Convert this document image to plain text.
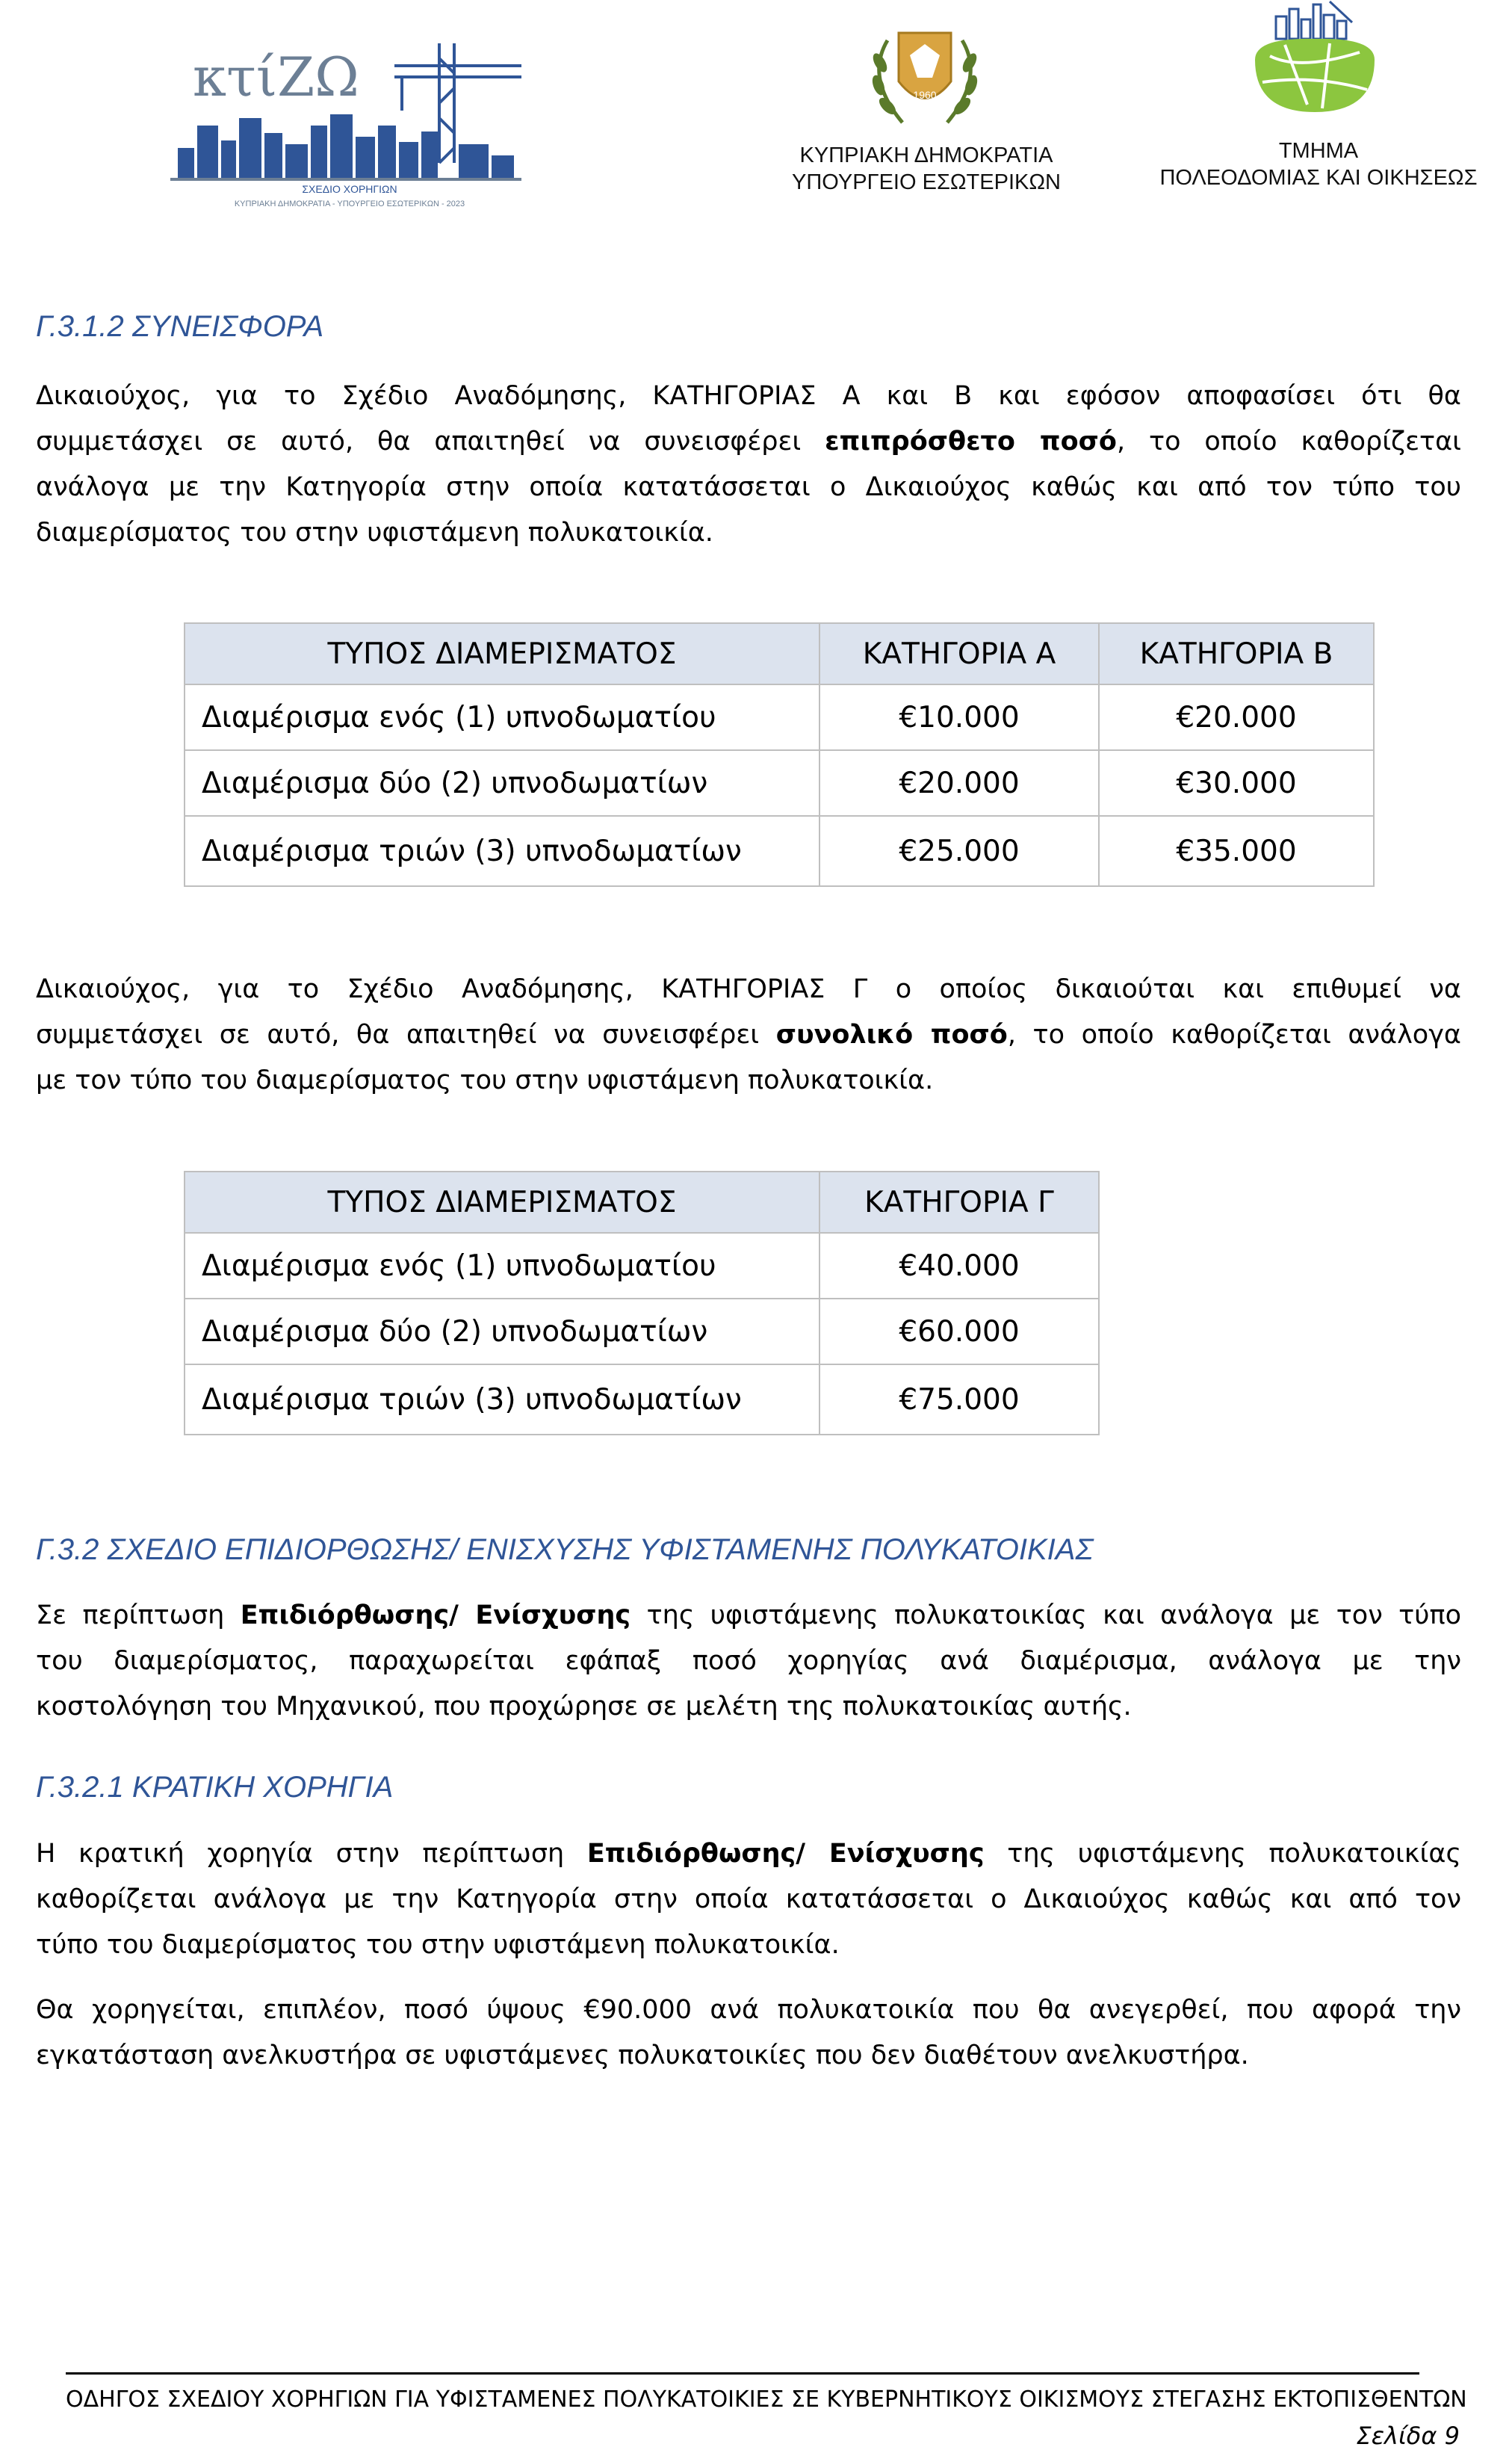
κτίΖΩ
ΣΧΕΔΙΟ ΧΟΡΗΓΙΩΝ
ΚΥΠΡΙΑΚΗ ΔΗΜΟΚΡΑΤΙΑ - ΥΠΟΥΡΓΕΙΟ ΕΣΩΤΕΡΙΚΩΝ - 2023
1960
ΚΥΠΡΙΑΚΗ ΔΗΜΟΚΡΑΤΙΑ
ΥΠΟΥΡΓΕΙΟ ΕΣΩΤΕΡΙΚΩΝ
ΤΜΗΜΑ
ΠΟΛΕΟΔΟΜΙΑΣ ΚΑΙ ΟΙΚΗΣΕΩΣ
Γ.3.1.2 ΣΥΝΕΙΣΦΟΡΑ
Δικαιούχος, για το Σχέδιο Αναδόμησης, ΚΑΤΗΓΟΡΙΑΣ Α και Β και εφόσον αποφασίσει ότι θα
συμμετάσχει σε αυτό, θα απαιτηθεί να συνεισφέρει επιπρόσθετο ποσό, το οποίο καθορίζεται
ανάλογα με την Κατηγορία στην οποία κατατάσσεται ο Δικαιούχος καθώς και από τον τύπο του
διαμερίσματος του στην υφιστάμενη πολυκατοικία.
ΤΥΠΟΣ ΔΙΑΜΕΡΙΣΜΑΤΟΣ	ΚΑΤΗΓΟΡΙΑ Α	ΚΑΤΗΓΟΡΙΑ Β
Διαμέρισμα ενός (1) υπνοδωματίου	€10.000	€20.000
Διαμέρισμα δύο (2) υπνοδωματίων	€20.000	€30.000
Διαμέρισμα τριών (3) υπνοδωματίων	€25.000	€35.000
Δικαιούχος, για το Σχέδιο Αναδόμησης, ΚΑΤΗΓΟΡΙΑΣ Γ ο οποίος δικαιούται και επιθυμεί να
συμμετάσχει σε αυτό, θα απαιτηθεί να συνεισφέρει συνολικό ποσό, το οποίο καθορίζεται ανάλογα
με τον τύπο του διαμερίσματος του στην υφιστάμενη πολυκατοικία.
ΤΥΠΟΣ ΔΙΑΜΕΡΙΣΜΑΤΟΣ	ΚΑΤΗΓΟΡΙΑ Γ
Διαμέρισμα ενός (1) υπνοδωματίου	€40.000
Διαμέρισμα δύο (2) υπνοδωματίων	€60.000
Διαμέρισμα τριών (3) υπνοδωματίων	€75.000
Γ.3.2 ΣΧΕΔΙΟ ΕΠΙΔΙΟΡΘΩΣΗΣ/ ΕΝΙΣΧΥΣΗΣ ΥΦΙΣΤΑΜΕΝΗΣ ΠΟΛΥΚΑΤΟΙΚΙΑΣ
Σε περίπτωση Επιδιόρθωσης/ Ενίσχυσης της υφιστάμενης πολυκατοικίας και ανάλογα με τον τύπο
του διαμερίσματος, παραχωρείται εφάπαξ ποσό χορηγίας ανά διαμέρισμα, ανάλογα με την
κοστολόγηση του Μηχανικού, που προχώρησε σε μελέτη της πολυκατοικίας αυτής.
Γ.3.2.1 ΚΡΑΤΙΚΗ ΧΟΡΗΓΙΑ
Η κρατική χορηγία στην περίπτωση Επιδιόρθωσης/ Ενίσχυσης της υφιστάμενης πολυκατοικίας
καθορίζεται ανάλογα με την Κατηγορία στην οποία κατατάσσεται ο Δικαιούχος καθώς και από τον
τύπο του διαμερίσματος του στην υφιστάμενη πολυκατοικία.
Θα χορηγείται, επιπλέον, ποσό ύψους €90.000 ανά πολυκατοικία που θα ανεγερθεί, που αφορά την
εγκατάσταση ανελκυστήρα σε υφιστάμενες πολυκατοικίες που δεν διαθέτουν ανελκυστήρα.
ΟΔΗΓΟΣ ΣΧΕΔΙΟΥ ΧΟΡΗΓΙΩΝ ΓΙΑ ΥΦΙΣΤΑΜΕΝΕΣ ΠΟΛΥΚΑΤΟΙΚΙΕΣ ΣΕ ΚΥΒΕΡΝΗΤΙΚΟΥΣ ΟΙΚΙΣΜΟΥΣ ΣΤΕΓΑΣΗΣ ΕΚΤΟΠΙΣΘΕΝΤΩΝ
Σελίδα 9
